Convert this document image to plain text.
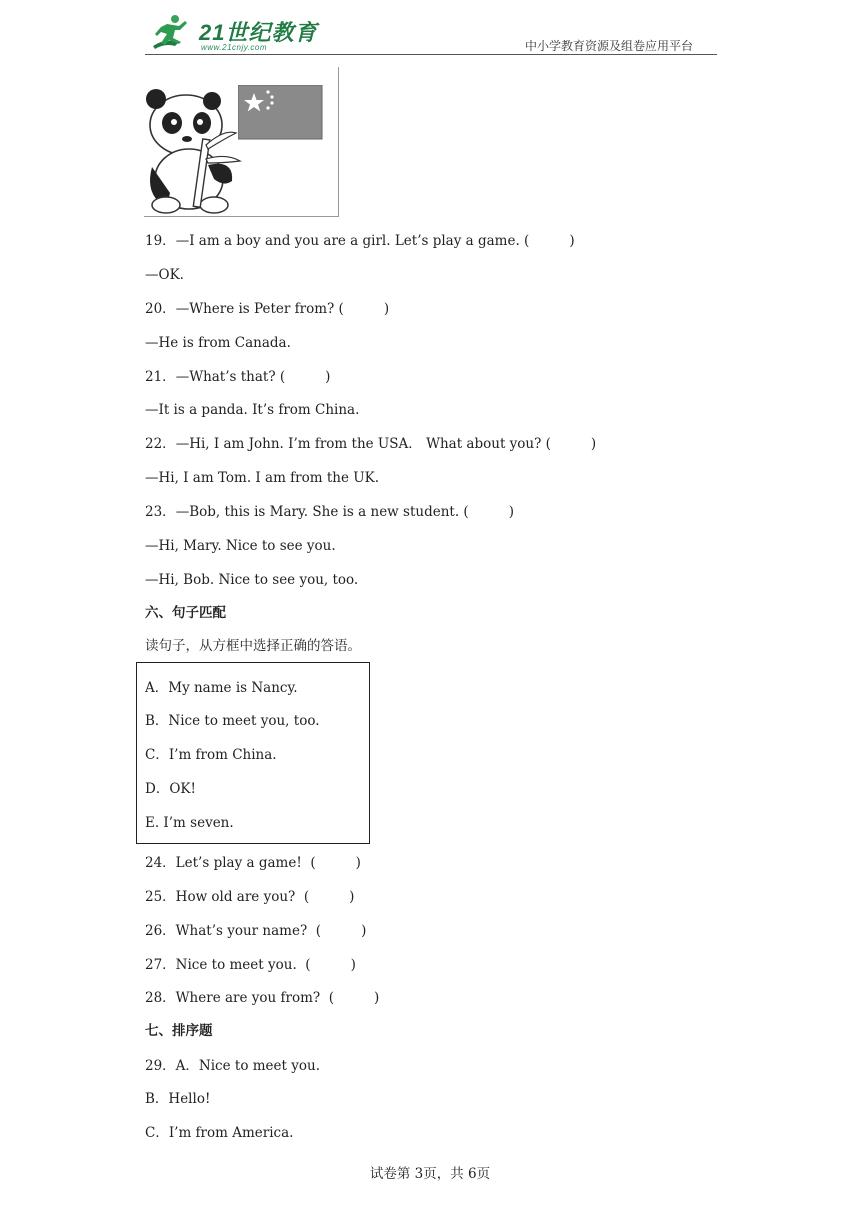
21世纪教育
www.21cnjy.com	中小学教育资源及组卷应用平台
19．—I am a boy and you are a girl. Let’s play a game. (	)
—OK.
20．—Where is Peter from? (	)
—He is from Canada.
21．—What’s that? (	)
—It is a panda. It’s from China.
22．—Hi, I am John. I’m from the USA． What about you? (	)
—Hi, I am Tom. I am from the UK.
23．—Bob, this is Mary. She is a new student. (	)
—Hi, Mary. Nice to see you.
—Hi, Bob. Nice to see you, too.
六、句子匹配
读句子，从方框中选择正确的答语。
A．My name is Nancy.
B．Nice to meet you, too.
C．I’m from China.
D．OK!
E. I’m seven.
24．Let’s play a game!  (	)
25．How old are you?  (	)
26．What’s your name?  (	)
27．Nice to meet you.  (	)
28．Where are you from?  (	)
七、排序题
29．A．Nice to meet you.
B．Hello!
C．I’m from America.
试卷第 3页，共 6页
